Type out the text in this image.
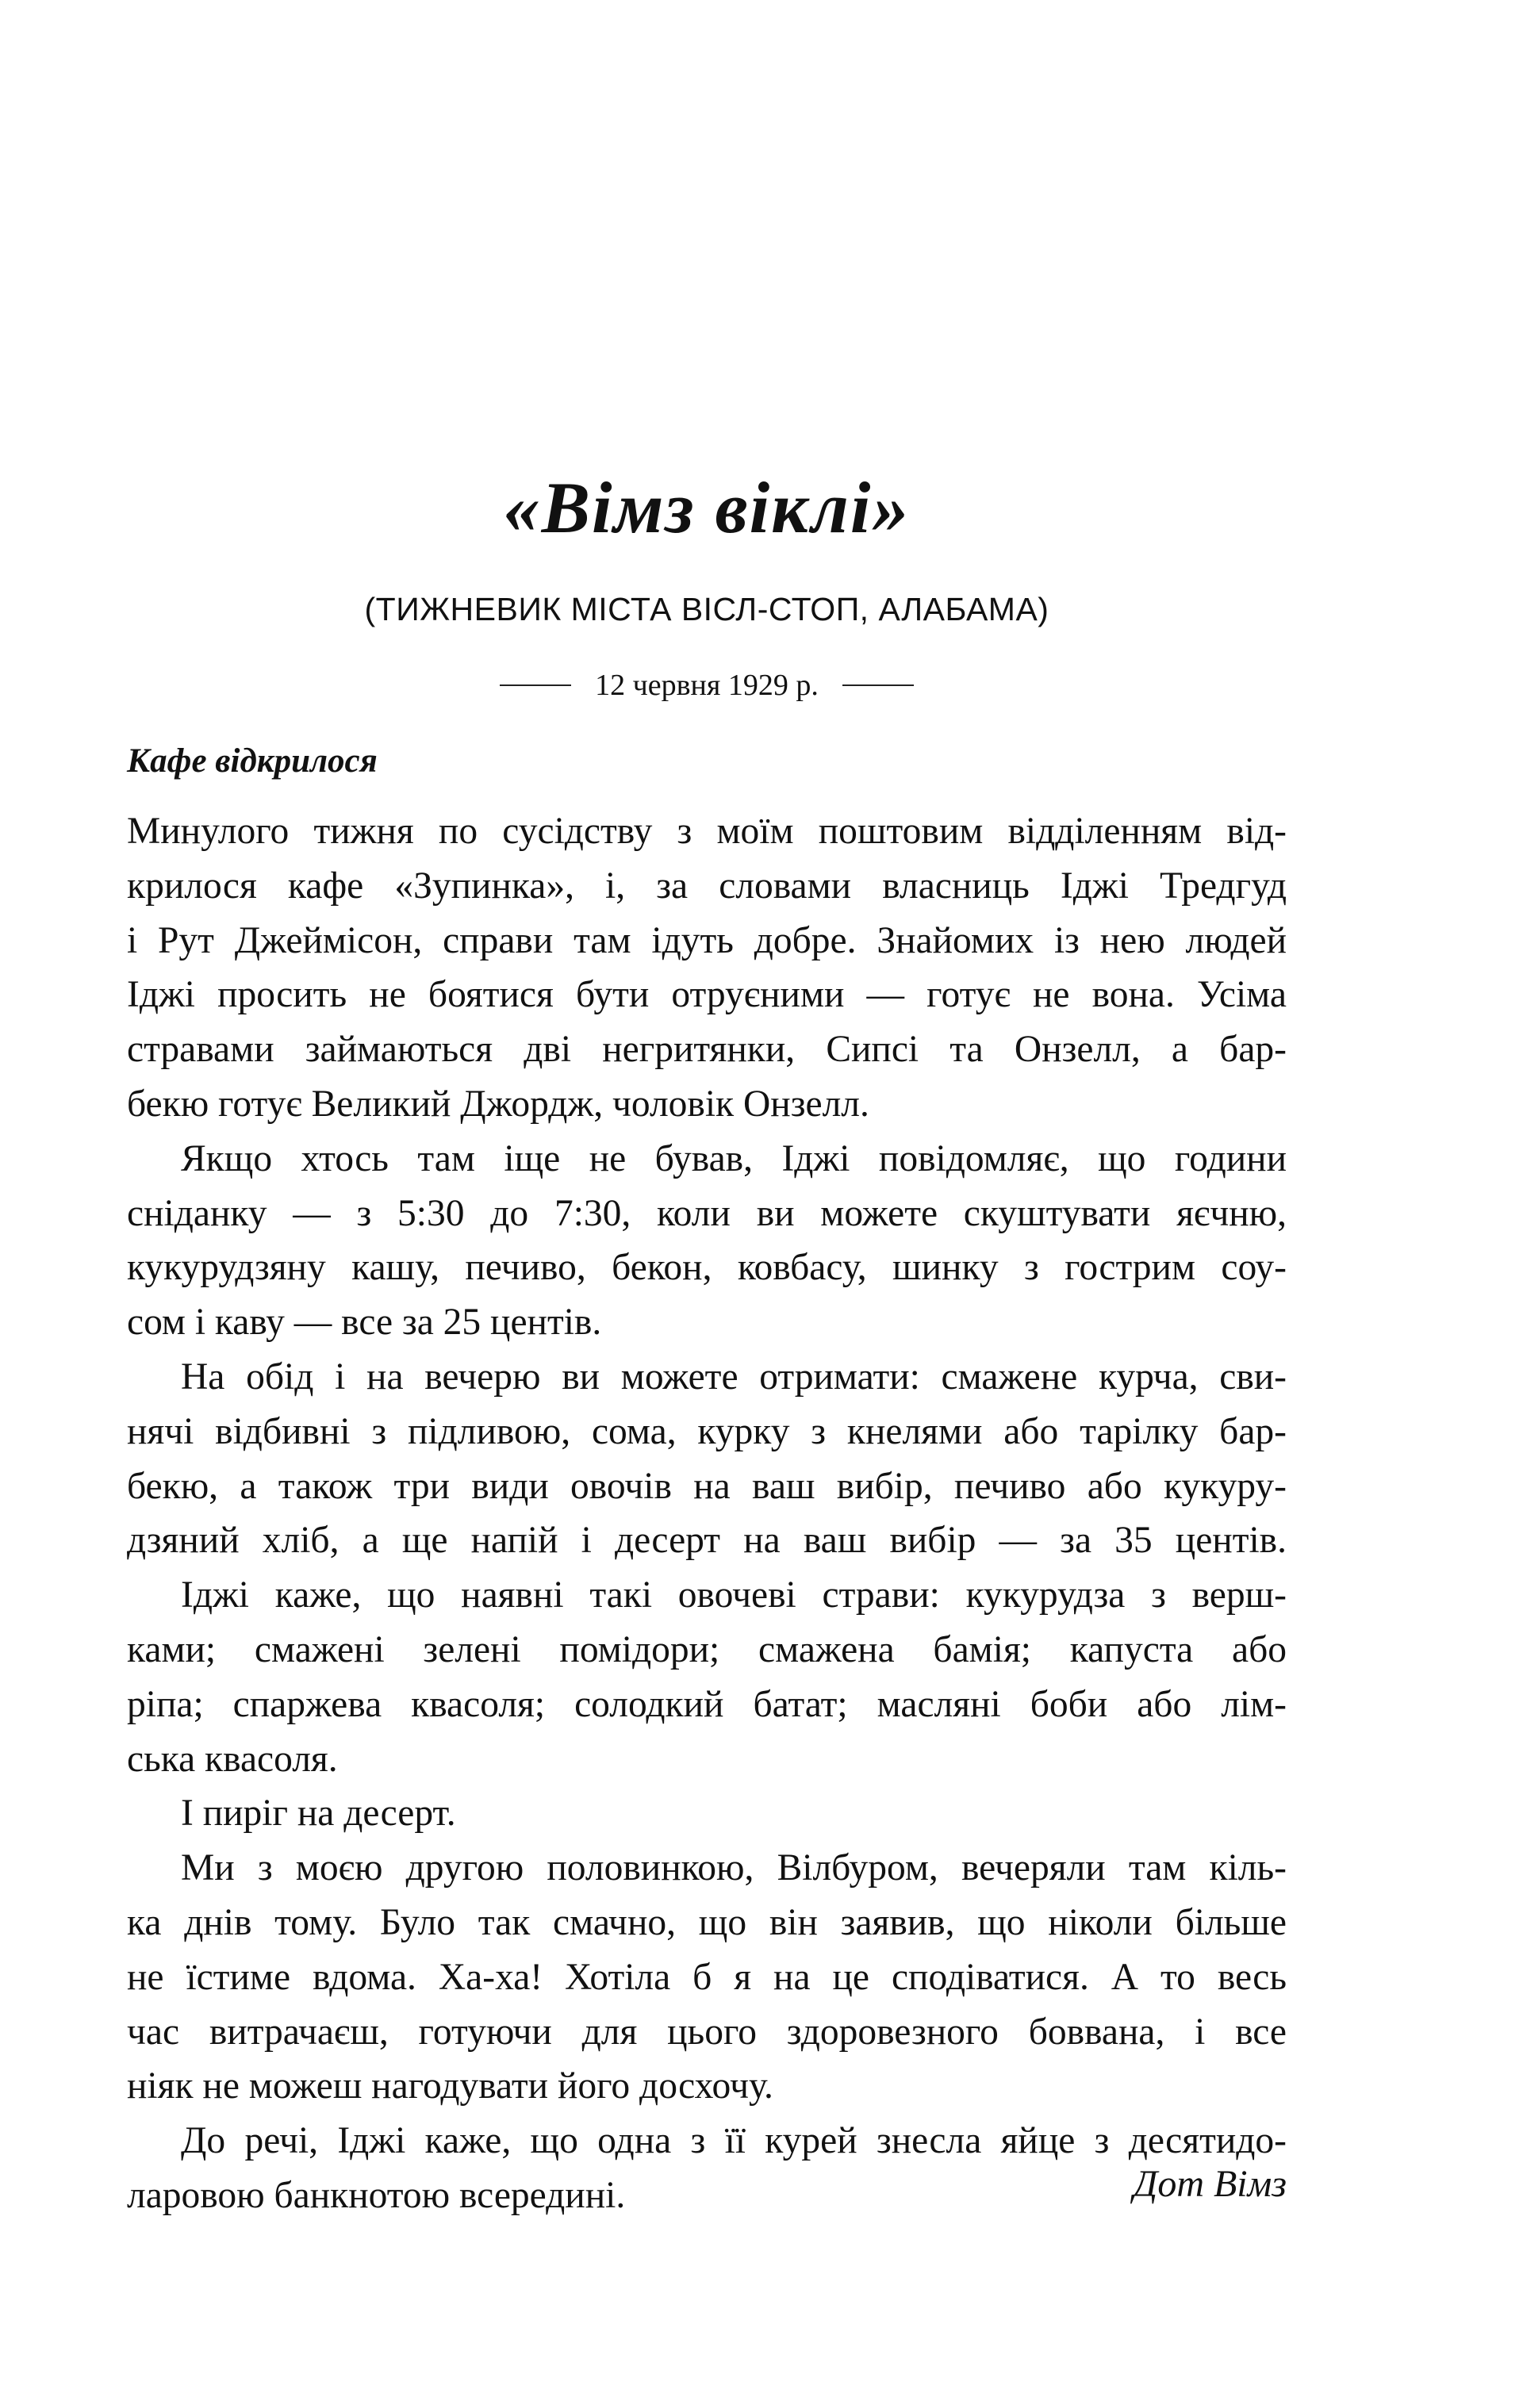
«Вімз віклі»
(ТИЖНЕВИК МІСТА ВІСЛ-СТОП, АЛАБАМА)
12 червня 1929 р.
Кафе відкрилося
Минулого тижня по сусідству з моїм поштовим відділенням від-
крилося кафе «Зупинка», і, за словами власниць Іджі Тредгуд
і Рут Джеймісон, справи там ідуть добре. Знайомих із нею людей
Іджі просить не боятися бути отруєними — готує не вона. Усіма
стравами займаються дві негритянки, Сипсі та Онзелл, а бар-
бекю готує Великий Джордж, чоловік Онзелл.
Якщо хтось там іще не бував, Іджі повідомляє, що години
сніданку — з 5:30 до 7:30, коли ви можете скуштувати яєчню,
кукурудзяну кашу, печиво, бекон, ковбасу, шинку з гострим соу-
сом і каву — все за 25 центів.
На обід і на вечерю ви можете отримати: смажене курча, сви-
нячі відбивні з підливою, сома, курку з кнелями або тарілку бар-
бекю, а також три види овочів на ваш вибір, печиво або кукуру-
дзяний хліб, а ще напій і десерт на ваш вибір — за 35 центів.
Іджі каже, що наявні такі овочеві страви: кукурудза з верш-
ками; смажені зелені помідори; смажена бамія; капуста або
ріпа; спаржева квасоля; солодкий батат; масляні боби або лім-
ська квасоля.
І пиріг на десерт.
Ми з моєю другою половинкою, Вілбуром, вечеряли там кіль-
ка днів тому. Було так смачно, що він заявив, що ніколи більше
не їстиме вдома. Ха-ха! Хотіла б я на це сподіватися. А то весь
час витрачаєш, готуючи для цього здоровезного боввана, і все
ніяк не можеш нагодувати його досхочу.
До речі, Іджі каже, що одна з її курей знесла яйце з десятидо-
ларовою банкнотою всередині.	Дот Вімз
